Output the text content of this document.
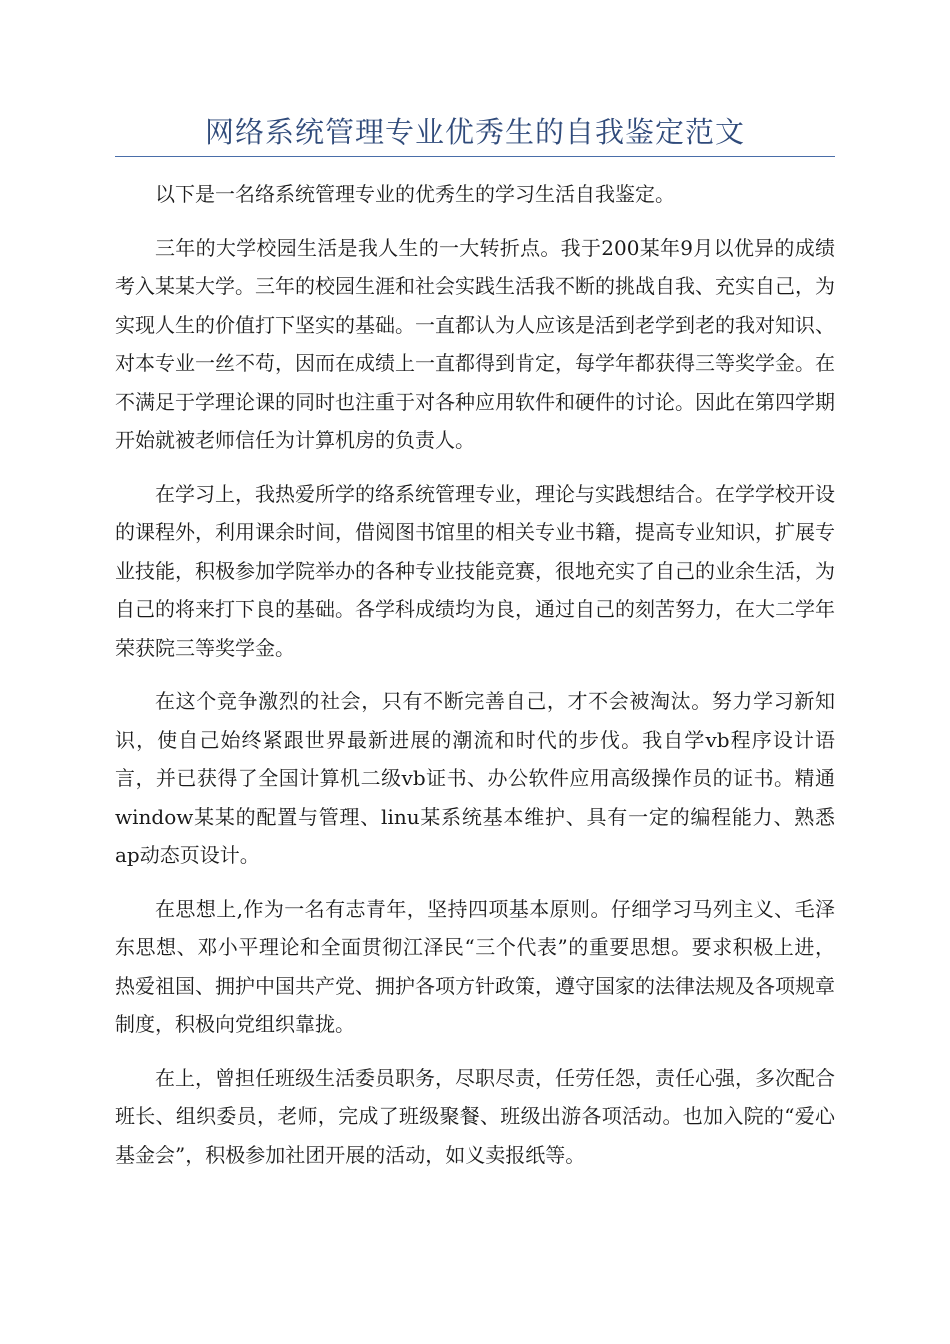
网络系统管理专业优秀生的自我鉴定范文

以下是一名络系统管理专业的优秀生的学习生活自我鉴定。

三年的大学校园生活是我人生的一大转折点。我于200某年9月以优异的成绩考入某某大学。三年的校园生涯和社会实践生活我不断的挑战自我、充实自己，为实现人生的价值打下坚实的基础。一直都认为人应该是活到老学到老的我对知识、对本专业一丝不苟，因而在成绩上一直都得到肯定，每学年都获得三等奖学金。在不满足于学理论课的同时也注重于对各种应用软件和硬件的讨论。因此在第四学期开始就被老师信任为计算机房的负责人。

在学习上，我热爱所学的络系统管理专业，理论与实践想结合。在学学校开设的课程外，利用课余时间，借阅图书馆里的相关专业书籍，提高专业知识，扩展专业技能，积极参加学院举办的各种专业技能竞赛，很地充实了自己的业余生活，为自己的将来打下良的基础。各学科成绩均为良，通过自己的刻苦努力，在大二学年荣获院三等奖学金。

在这个竞争激烈的社会，只有不断完善自己，才不会被淘汰。努力学习新知识，使自己始终紧跟世界最新进展的潮流和时代的步伐。我自学vb程序设计语言，并已获得了全国计算机二级vb证书、办公软件应用高级操作员的证书。精通window某某的配置与管理、linu某系统基本维护、具有一定的编程能力、熟悉ap动态页设计。

在思想上,作为一名有志青年，坚持四项基本原则。仔细学习马列主义、毛泽东思想、邓小平理论和全面贯彻江泽民“三个代表”的重要思想。要求积极上进，热爱祖国、拥护中国共产党、拥护各项方针政策，遵守国家的法律法规及各项规章制度，积极向党组织靠拢。

在上，曾担任班级生活委员职务，尽职尽责，任劳任怨，责任心强，多次配合班长、组织委员，老师，完成了班级聚餐、班级出游各项活动。也加入院的“爱心基金会”，积极参加社团开展的活动，如义卖报纸等。
